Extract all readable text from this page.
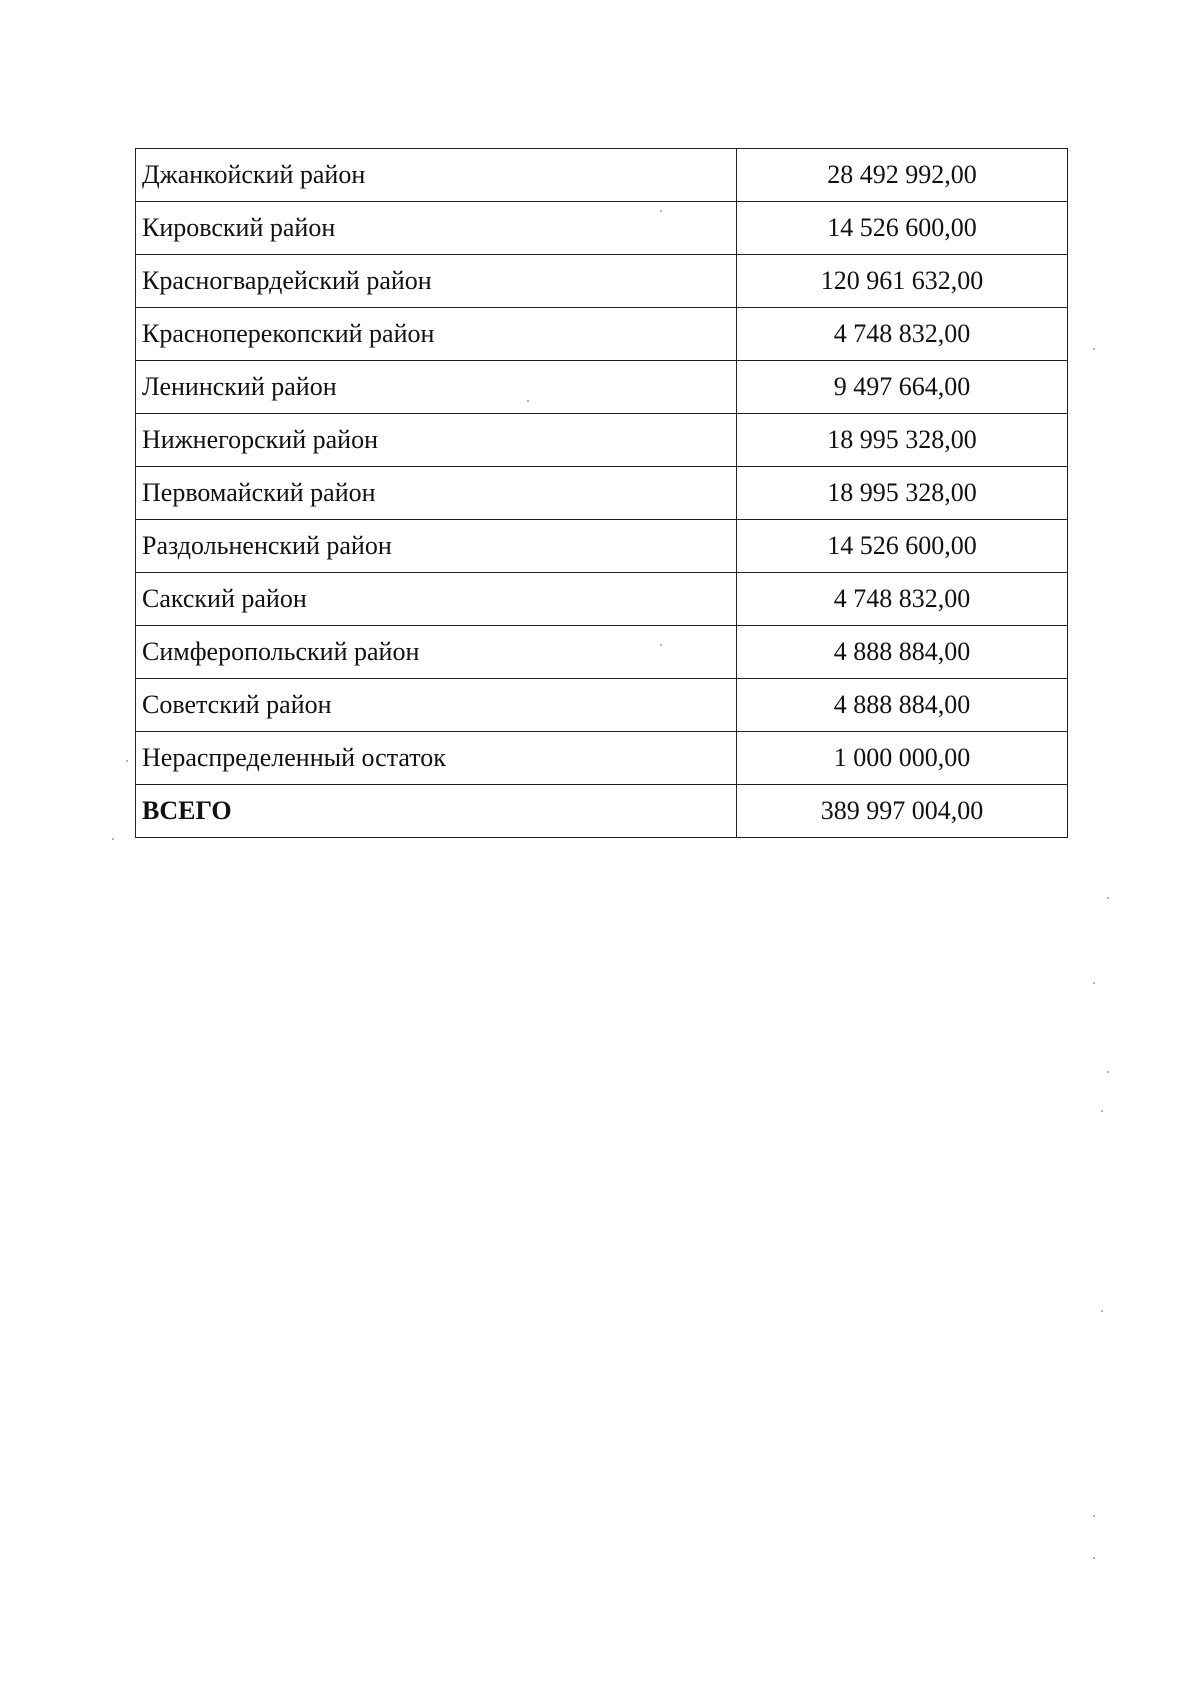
Джанкойский район	28 492 992,00
Кировский район	14 526 600,00
Красногвардейский район	120 961 632,00
Красноперекопский район	4 748 832,00
Ленинский район	9 497 664,00
Нижнегорский район	18 995 328,00
Первомайский район	18 995 328,00
Раздольненский район	14 526 600,00
Сакский район	4 748 832,00
Симферопольский район	4 888 884,00
Советский район	4 888 884,00
Нераспределенный остаток	1 000 000,00
ВСЕГО	389 997 004,00
